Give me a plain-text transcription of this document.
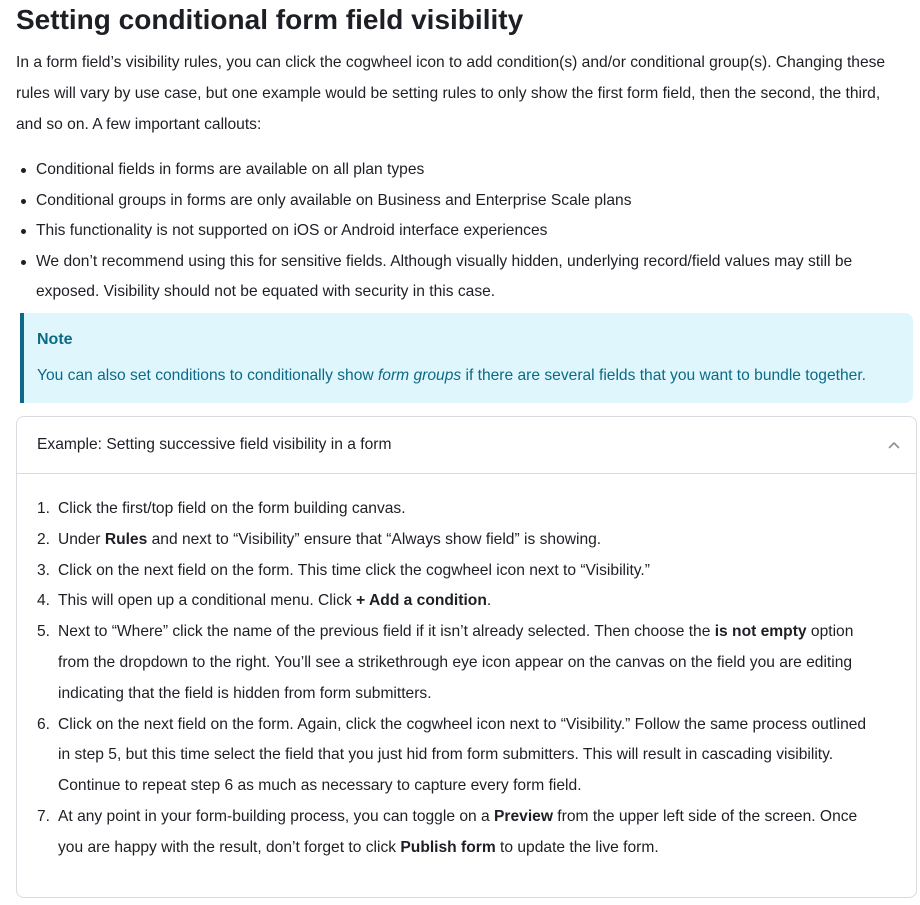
Setting conditional form field visibility

In a form field’s visibility rules, you can click the cogwheel icon to add condition(s) and/or conditional group(s). Changing these
rules will vary by use case, but one example would be setting rules to only show the first form field, then the second, the third,
and so on. A few important callouts:

Conditional fields in forms are available on all plan types
Conditional groups in forms are only available on Business and Enterprise Scale plans
This functionality is not supported on iOS or Android interface experiences
We don’t recommend using this for sensitive fields. Although visually hidden, underlying record/field values may still be
exposed. Visibility should not be equated with security in this case.
Note
You can also set conditions to conditionally show form groups if there are several fields that you want to bundle together.
Example: Setting successive field visibility in a form
1. Click the first/top field on the form building canvas.
2. Under Rules and next to “Visibility” ensure that “Always show field” is showing.
3. Click on the next field on the form. This time click the cogwheel icon next to “Visibility.”
4. This will open up a conditional menu. Click + Add a condition.
5. Next to “Where” click the name of the previous field if it isn’t already selected. Then choose the is not empty option
from the dropdown to the right. You’ll see a strikethrough eye icon appear on the canvas on the field you are editing
indicating that the field is hidden from form submitters.
6. Click on the next field on the form. Again, click the cogwheel icon next to “Visibility.” Follow the same process outlined
in step 5, but this time select the field that you just hid from form submitters. This will result in cascading visibility.
Continue to repeat step 6 as much as necessary to capture every form field.
7. At any point in your form-building process, you can toggle on a Preview from the upper left side of the screen. Once
you are happy with the result, don’t forget to click Publish form to update the live form.
